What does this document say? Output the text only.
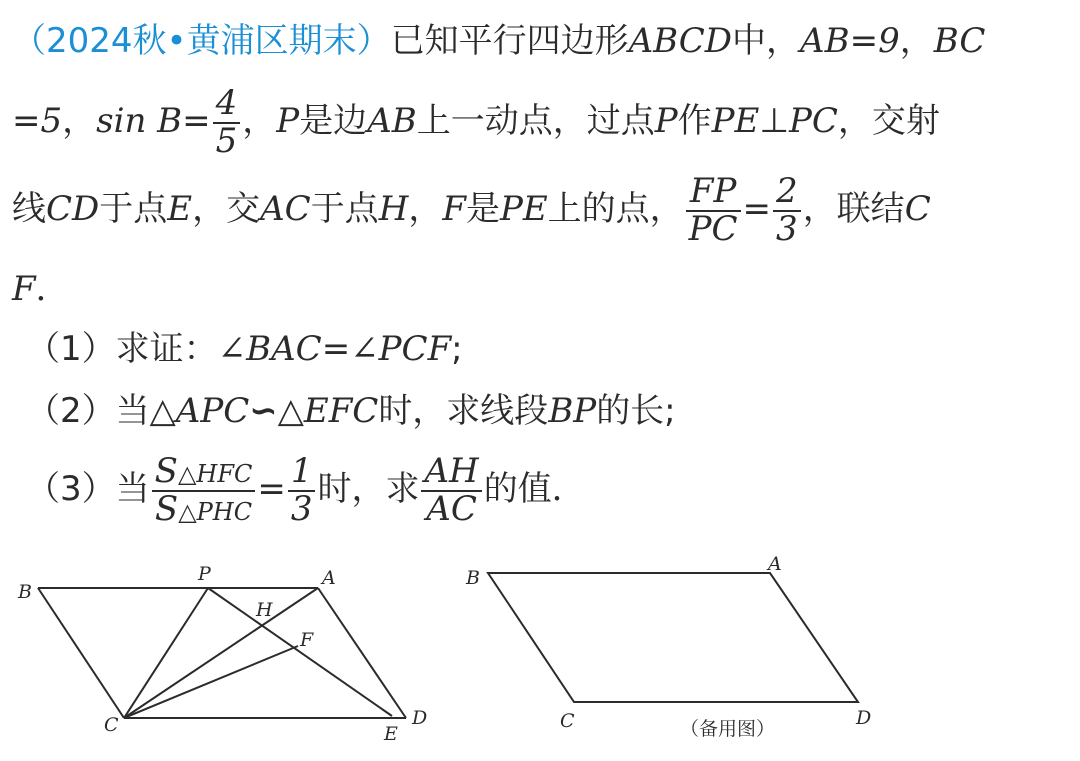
（2024秋•黄浦区期末）已知平行四边形ABCD中，AB=9，BC
=5，$\sin B= \frac{4}{5}$ ，P是边AB上一动点，过点P作PE⊥PC，交射
线CD于点E，交AC于点H，F是PE上的点， $\frac{FP}{PC} = \frac{2}{3}$ ，联结C
F．
（1）求证：∠BAC=∠PCF;
（2）当△APC∽△EFC时，求线段BP的长;
（3）当 $\frac{\text{S△HFC}}{\text{S△PHC}} = \frac{1}{3}$ 时，求 $\frac{AH}{AC}$ 的值．
B
P	A
H
F
C	E
D
B
A
C	D
（备用图）
